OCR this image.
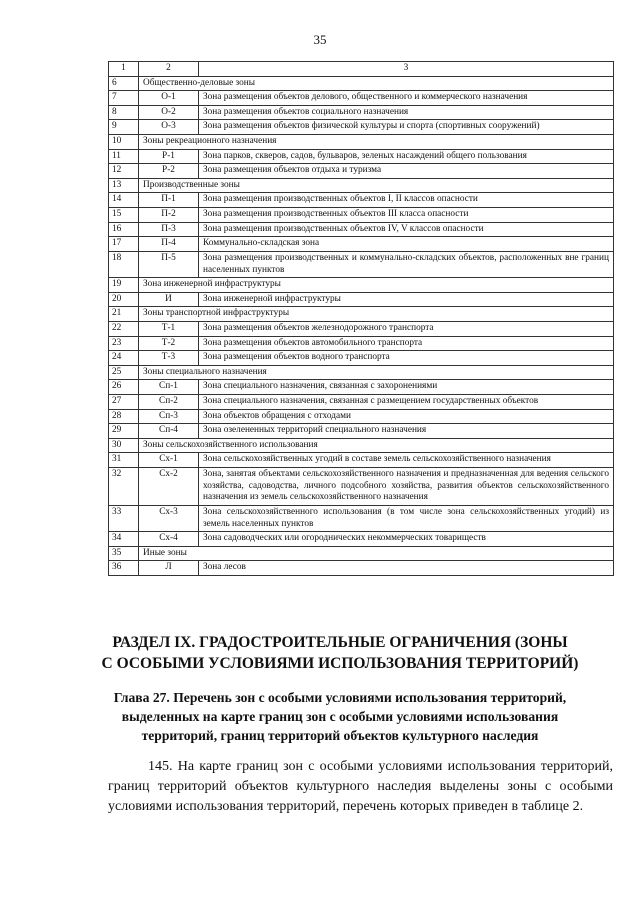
35
1	2	3
6	Общественно-деловые зоны	
7	О-1	Зона размещения объектов делового, общественного и коммерческого назначения
8	О-2	Зона размещения объектов социального назначения
9	О-3	Зона размещения объектов физической культуры и спорта (спортивных сооружений)
10	Зоны рекреационного назначения	
11	Р-1	Зона парков, скверов, садов, бульваров, зеленых насаждений общего пользования
12	Р-2	Зона размещения объектов отдыха и туризма
13	Производственные зоны	
14	П-1	Зона размещения производственных объектов I, II классов опасности
15	П-2	Зона размещения производственных объектов III класса опасности
16	П-3	Зона размещения производственных объектов IV, V классов опасности
17	П-4	Коммунально-складская зона
18	П-5	Зона размещения производственных и коммунально-складских объектов, расположенных вне границ населенных пунктов
19	Зона инженерной инфраструктуры	
20	И	Зона инженерной инфраструктуры
21	Зоны транспортной инфраструктуры	
22	Т-1	Зона размещения объектов железнодорожного транспорта
23	Т-2	Зона размещения объектов автомобильного транспорта
24	Т-3	Зона размещения объектов водного транспорта
25	Зоны специального назначения	
26	Сп-1	Зона специального назначения, связанная с захоронениями
27	Сп-2	Зона специального назначения, связанная с размещением государственных объектов
28	Сп-3	Зона объектов обращения с отходами
29	Сп-4	Зона озелененных территорий специального назначения
30	Зоны сельскохозяйственного использования	
31	Сх-1	Зона сельскохозяйственных угодий в составе земель сельскохозяйственного назначения
32	Сх-2	Зона, занятая объектами сельскохозяйственного назначения и предназначенная для ведения сельского хозяйства, садоводства, личного подсобного хозяйства, развития объектов сельскохозяйственного назначения из земель сельскохозяйственного назначения
33	Сх-3	Зона сельскохозяйственного использования (в том числе зона сельскохозяйственных угодий) из земель населенных пунктов
34	Сх-4	Зона садоводческих или огороднических некоммерческих товариществ
35	Иные зоны	
36	Л	Зона лесов
РАЗДЕЛ IX. ГРАДОСТРОИТЕЛЬНЫЕ ОГРАНИЧЕНИЯ (ЗОНЫ
С ОСОБЫМИ УСЛОВИЯМИ ИСПОЛЬЗОВАНИЯ ТЕРРИТОРИЙ)
Глава 27. Перечень зон с особыми условиями использования территорий,
выделенных на карте границ зон с особыми условиями использования
территорий, границ территорий объектов культурного наследия

145. На карте границ зон с особыми условиями использования территорий, границ территорий объектов культурного наследия выделены зоны с особыми условиями использования территорий, перечень которых приведен в таблице 2.
